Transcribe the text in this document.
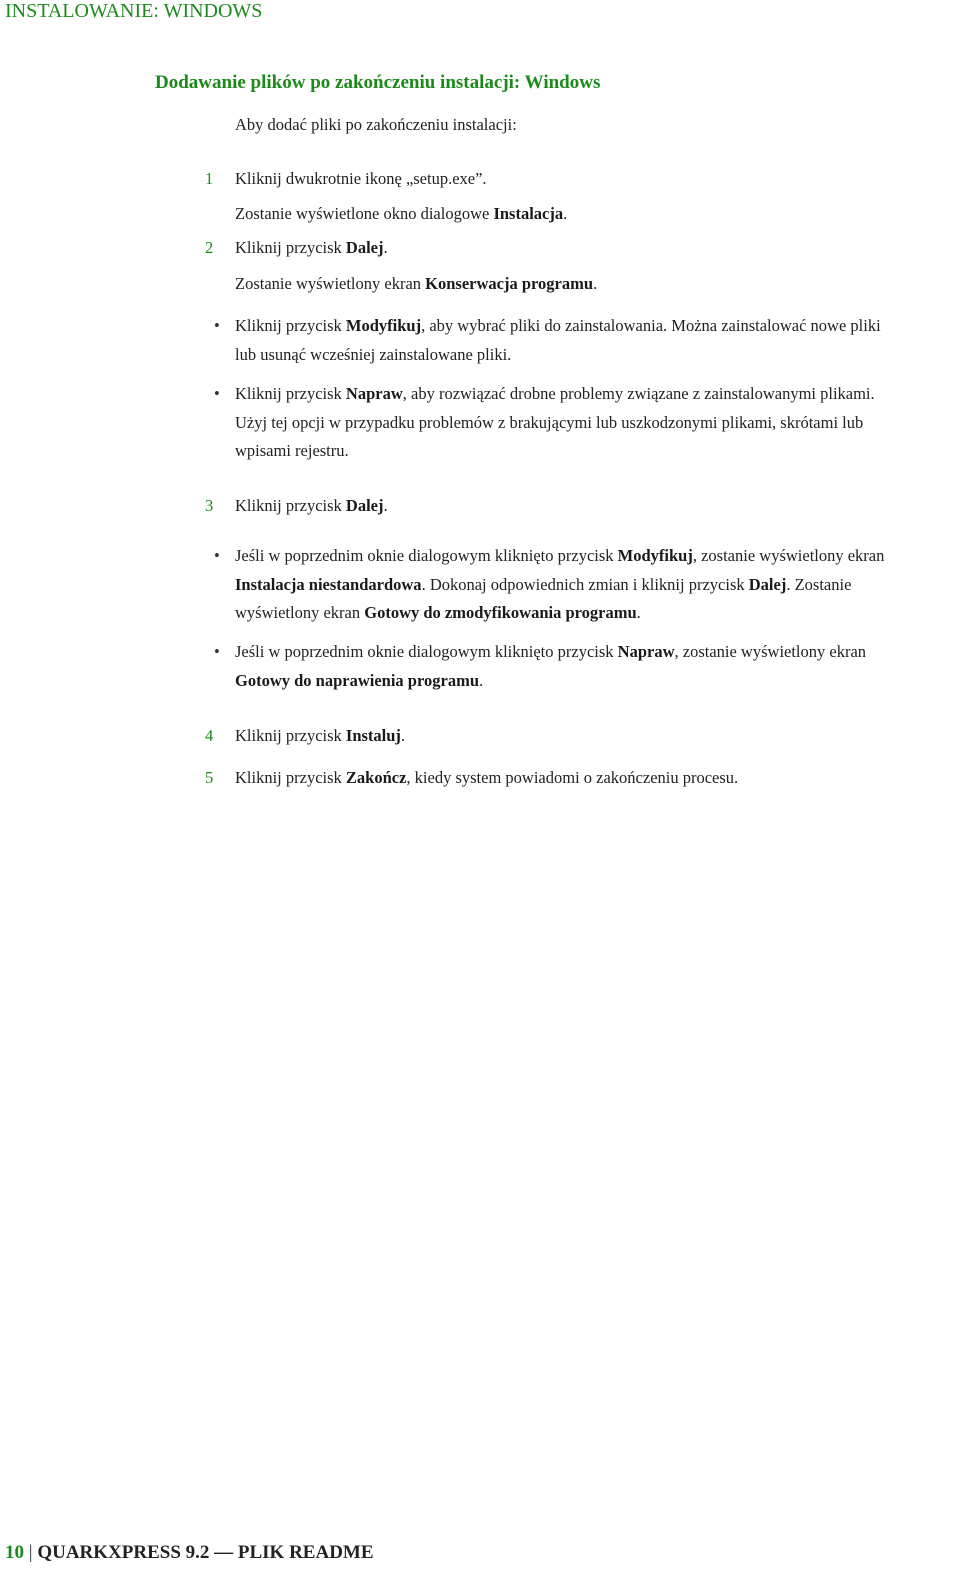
INSTALOWANIE: WINDOWS
Dodawanie plików po zakończeniu instalacji: Windows
Aby dodać pliki po zakończeniu instalacji:
1	Kliknij dwukrotnie ikonę „setup.exe”.
Zostanie wyświetlone okno dialogowe Instalacja.
2	Kliknij przycisk Dalej.
Zostanie wyświetlony ekran Konserwacja programu.
• Kliknij przycisk Modyfikuj, aby wybrać pliki do zainstalowania. Można zainstalować nowe pliki
lub usunąć wcześniej zainstalowane pliki.
• Kliknij przycisk Napraw, aby rozwiązać drobne problemy związane z zainstalowanymi plikami.
Użyj tej opcji w przypadku problemów z brakującymi lub uszkodzonymi plikami, skrótami lub
wpisami rejestru.
3	Kliknij przycisk Dalej.
• Jeśli w poprzednim oknie dialogowym kliknięto przycisk Modyfikuj, zostanie wyświetlony ekran
Instalacja niestandardowa. Dokonaj odpowiednich zmian i kliknij przycisk Dalej. Zostanie
wyświetlony ekran Gotowy do zmodyfikowania programu.
• Jeśli w poprzednim oknie dialogowym kliknięto przycisk Napraw, zostanie wyświetlony ekran
Gotowy do naprawienia programu.
4	Kliknij przycisk Instaluj.
5	Kliknij przycisk Zakończ, kiedy system powiadomi o zakończeniu procesu.
10 | QUARKXPRESS 9.2 — PLIK README
